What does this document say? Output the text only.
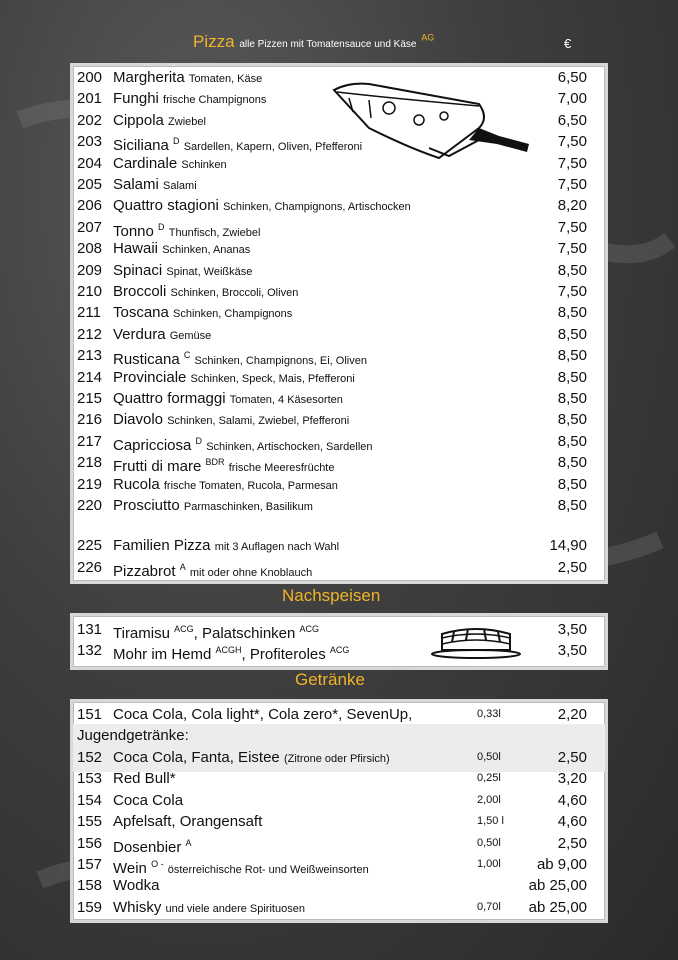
Pizza alle Pizzen mit Tomatensauce und Käse $^{AG}$	€
200 Margherita Tomaten, Käse	6,50
201 Funghi frische Champignons	7,00
202 Cippola Zwiebel	6,50
203 Siciliana $^D$ Sardellen, Kapern, Oliven, Pfefferoni	7,50
204 Cardinale Schinken	7,50
205 Salami Salami	7,50
206 Quattro stagioni Schinken, Champignons, Artischocken	8,20
207 Tonno $^D$ Thunfisch, Zwiebel	7,50
208 Hawaii Schinken, Ananas	7,50
209 Spinaci Spinat, Weißkäse	8,50
210 Broccoli Schinken, Broccoli, Oliven	7,50
211 Toscana Schinken, Champignons	8,50
212 Verdura Gemüse	8,50
213 Rusticana $^C$ Schinken, Champignons, Ei, Oliven	8,50
214 Provinciale Schinken, Speck, Mais, Pfefferoni	8,50
215 Quattro formaggi Tomaten, 4 Käsesorten	8,50
216 Diavolo Schinken, Salami, Zwiebel, Pfefferoni	8,50
217 Capricciosa $^D$ Schinken, Artischocken, Sardellen	8,50
218 Frutti di mare $^{BDR}$ frische Meeresfrüchte	8,50
219 Rucola frische Tomaten, Rucola, Parmesan	8,50
220 Prosciutto Parmaschinken, Basilikum	8,50
225 Familien Pizza mit 3 Auflagen nach Wahl	14,90
226 Pizzabrot $^A$ mit oder ohne Knoblauch	2,50
Nachspeisen
131 Tiramisu $^{ACG}$, Palatschinken $^{ACG}$	3,50
132 Mohr im Hemd $^{ACGH}$, Profiteroles $^{ACG}$	3,50
Getränke
151 Coca Cola, Cola light*, Cola zero*, SevenUp,	0,33l	2,20
Jugendgetränke:
152 Coca Cola, Fanta, Eistee (Zitrone oder Pfirsich)	0,50l	2,50
153 Red Bull*	0,25l	3,20
154 Coca Cola	2,00l	4,60
155 Apfelsaft, Orangensaft	1,50 l	4,60
156 Dosenbier $^A$	0,50l	2,50
157 Wein $^{O -}$ österreichische Rot- und Weißweinsorten	1,00l ab 9,00
158 Wodka	ab 25,00
159 Whisky und viele andere Spirituosen	0,70l ab 25,00
